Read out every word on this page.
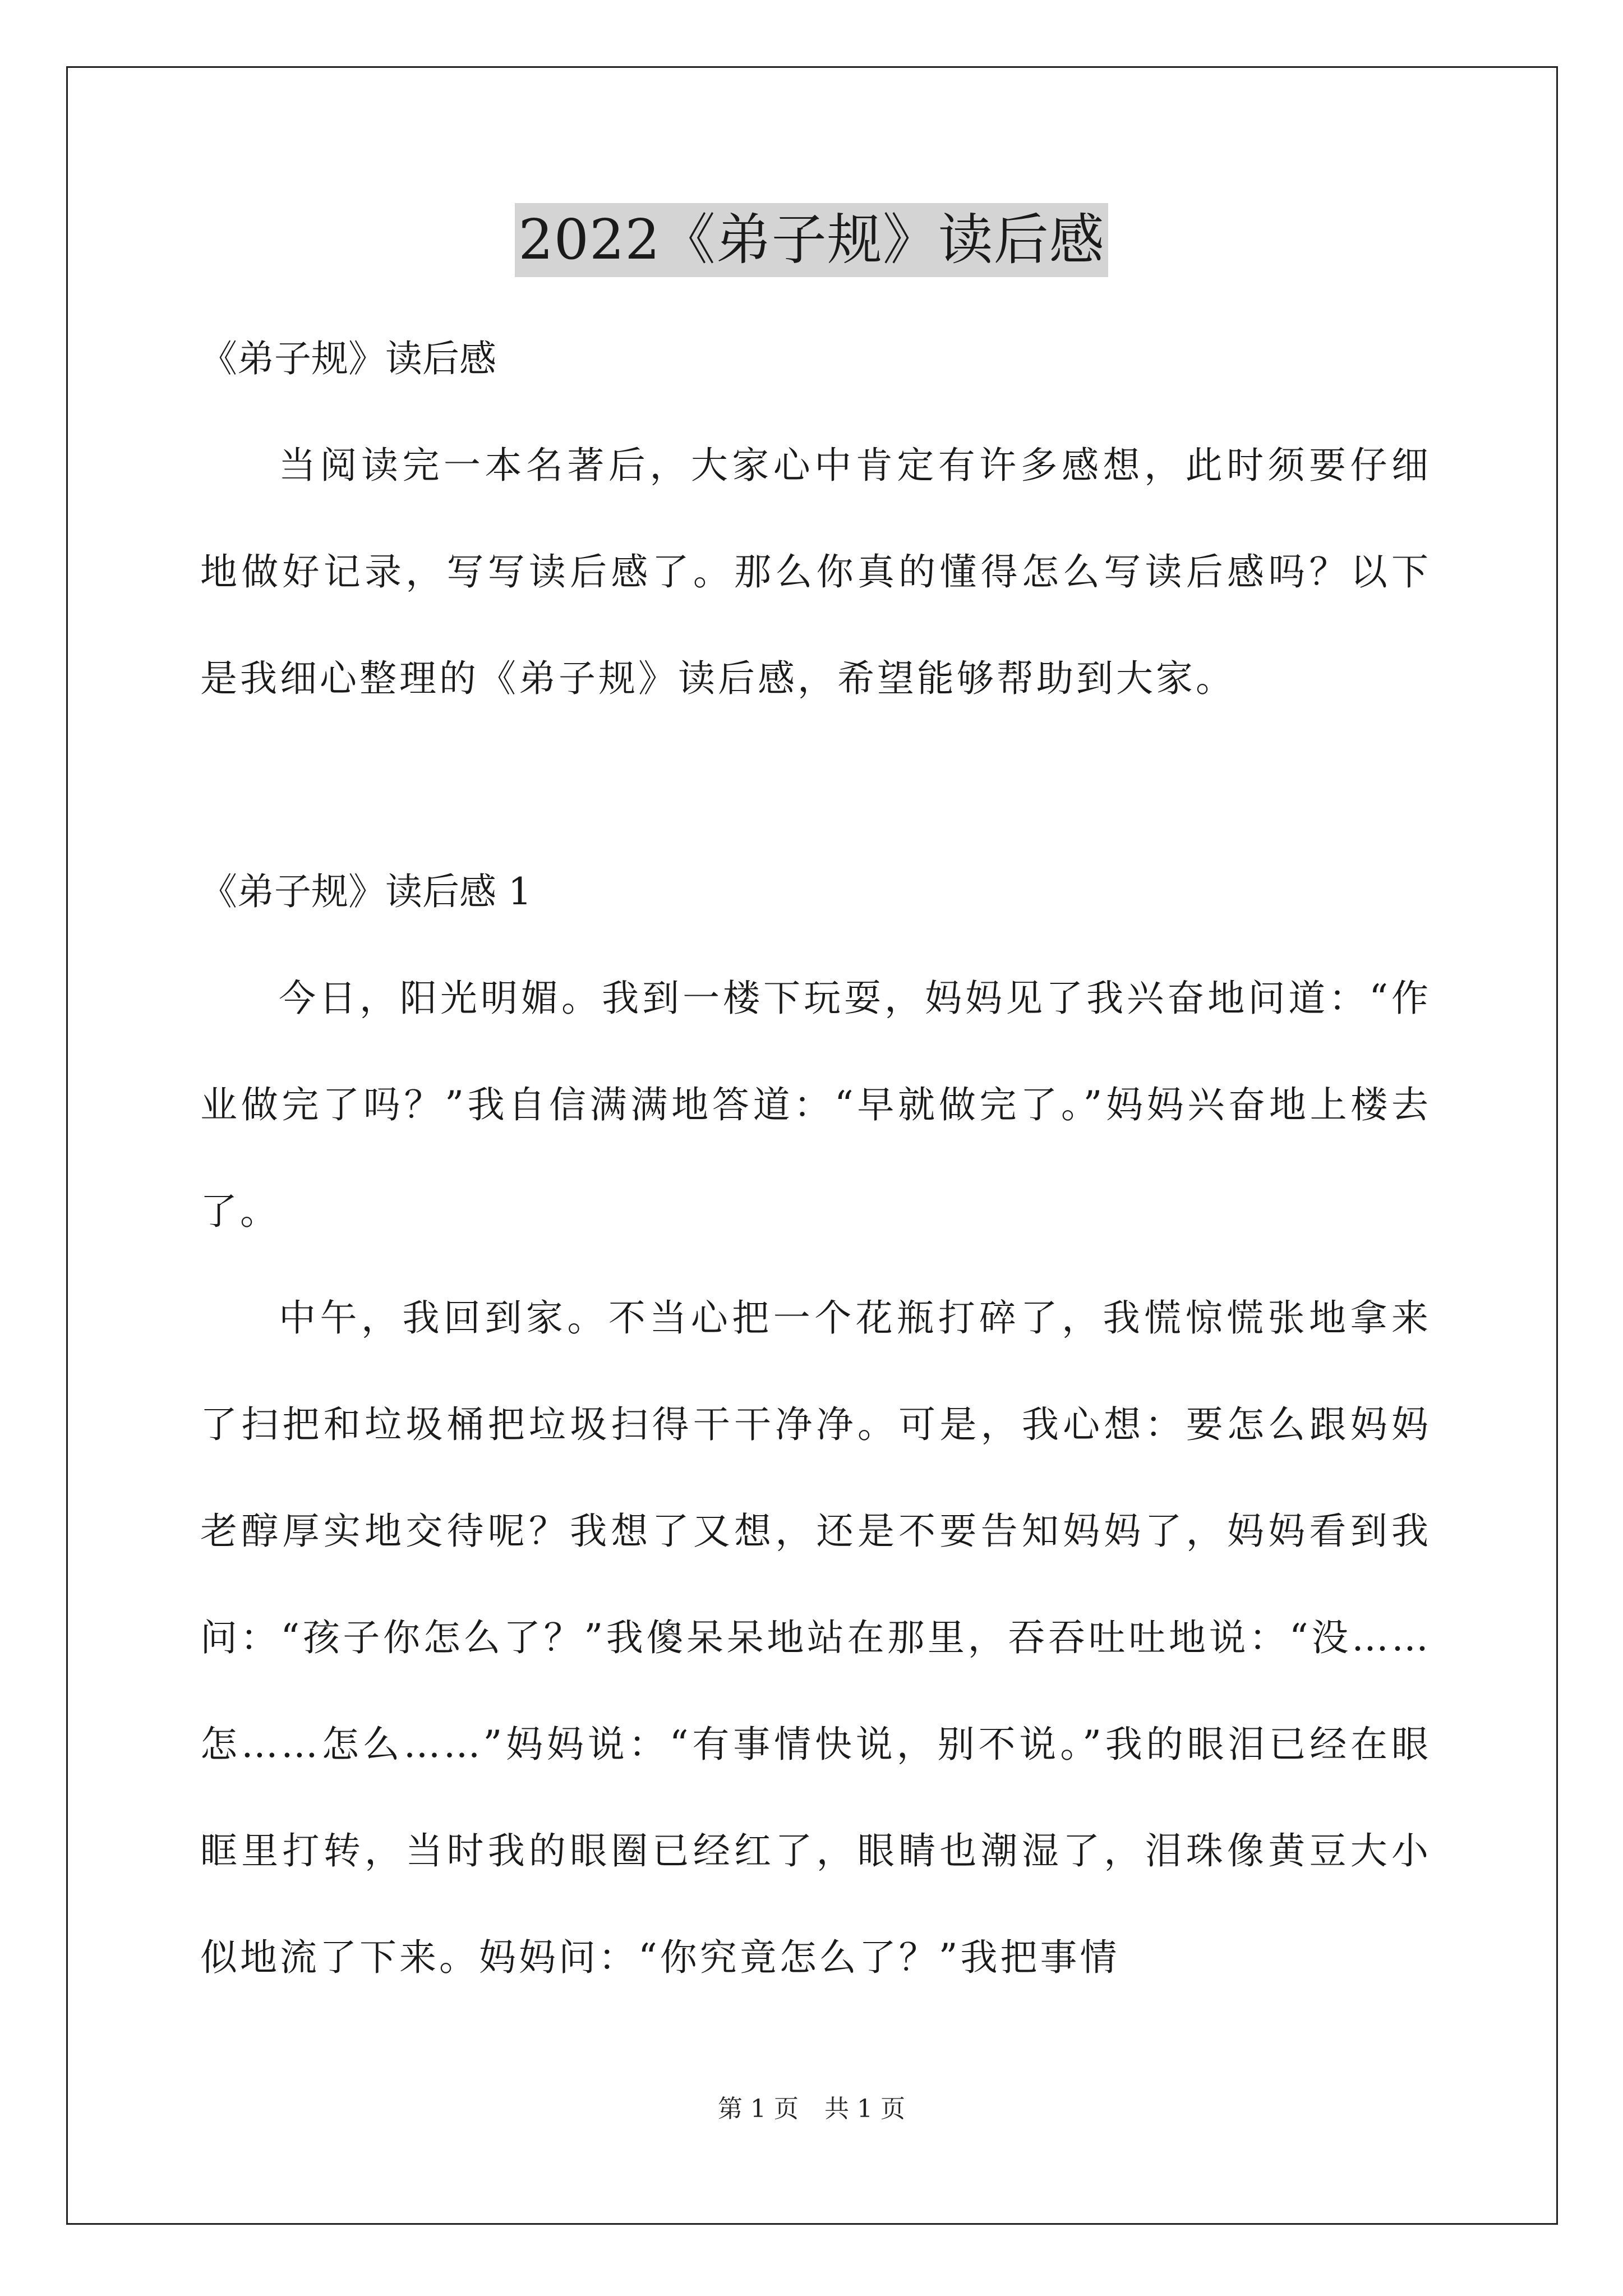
2022《弟子规》读后感

《弟子规》读后感

当阅读完一本名著后，大家心中肯定有许多感想，此时须要仔细地做好记录，写写读后感了。那么你真的懂得怎么写读后感吗？以下是我细心整理的《弟子规》读后感，希望能够帮助到大家。

《弟子规》读后感 1

今日，阳光明媚。我到一楼下玩耍，妈妈见了我兴奋地问道：“作业做完了吗？”我自信满满地答道：“早就做完了。”妈妈兴奋地上楼去了。

中午，我回到家。不当心把一个花瓶打碎了，我慌惊慌张地拿来了扫把和垃圾桶把垃圾扫得干干净净。可是，我心想：要怎么跟妈妈老醇厚实地交待呢？我想了又想，还是不要告知妈妈了，妈妈看到我问：“孩子你怎么了？”我傻呆呆地站在那里，吞吞吐吐地说：“没……怎……怎么……”妈妈说：“有事情快说，别不说。”我的眼泪已经在眼眶里打转，当时我的眼圈已经红了，眼睛也潮湿了，泪珠像黄豆大小似地流了下来。妈妈问：“你究竟怎么了？”我把事情

第 1 页 共 1 页
